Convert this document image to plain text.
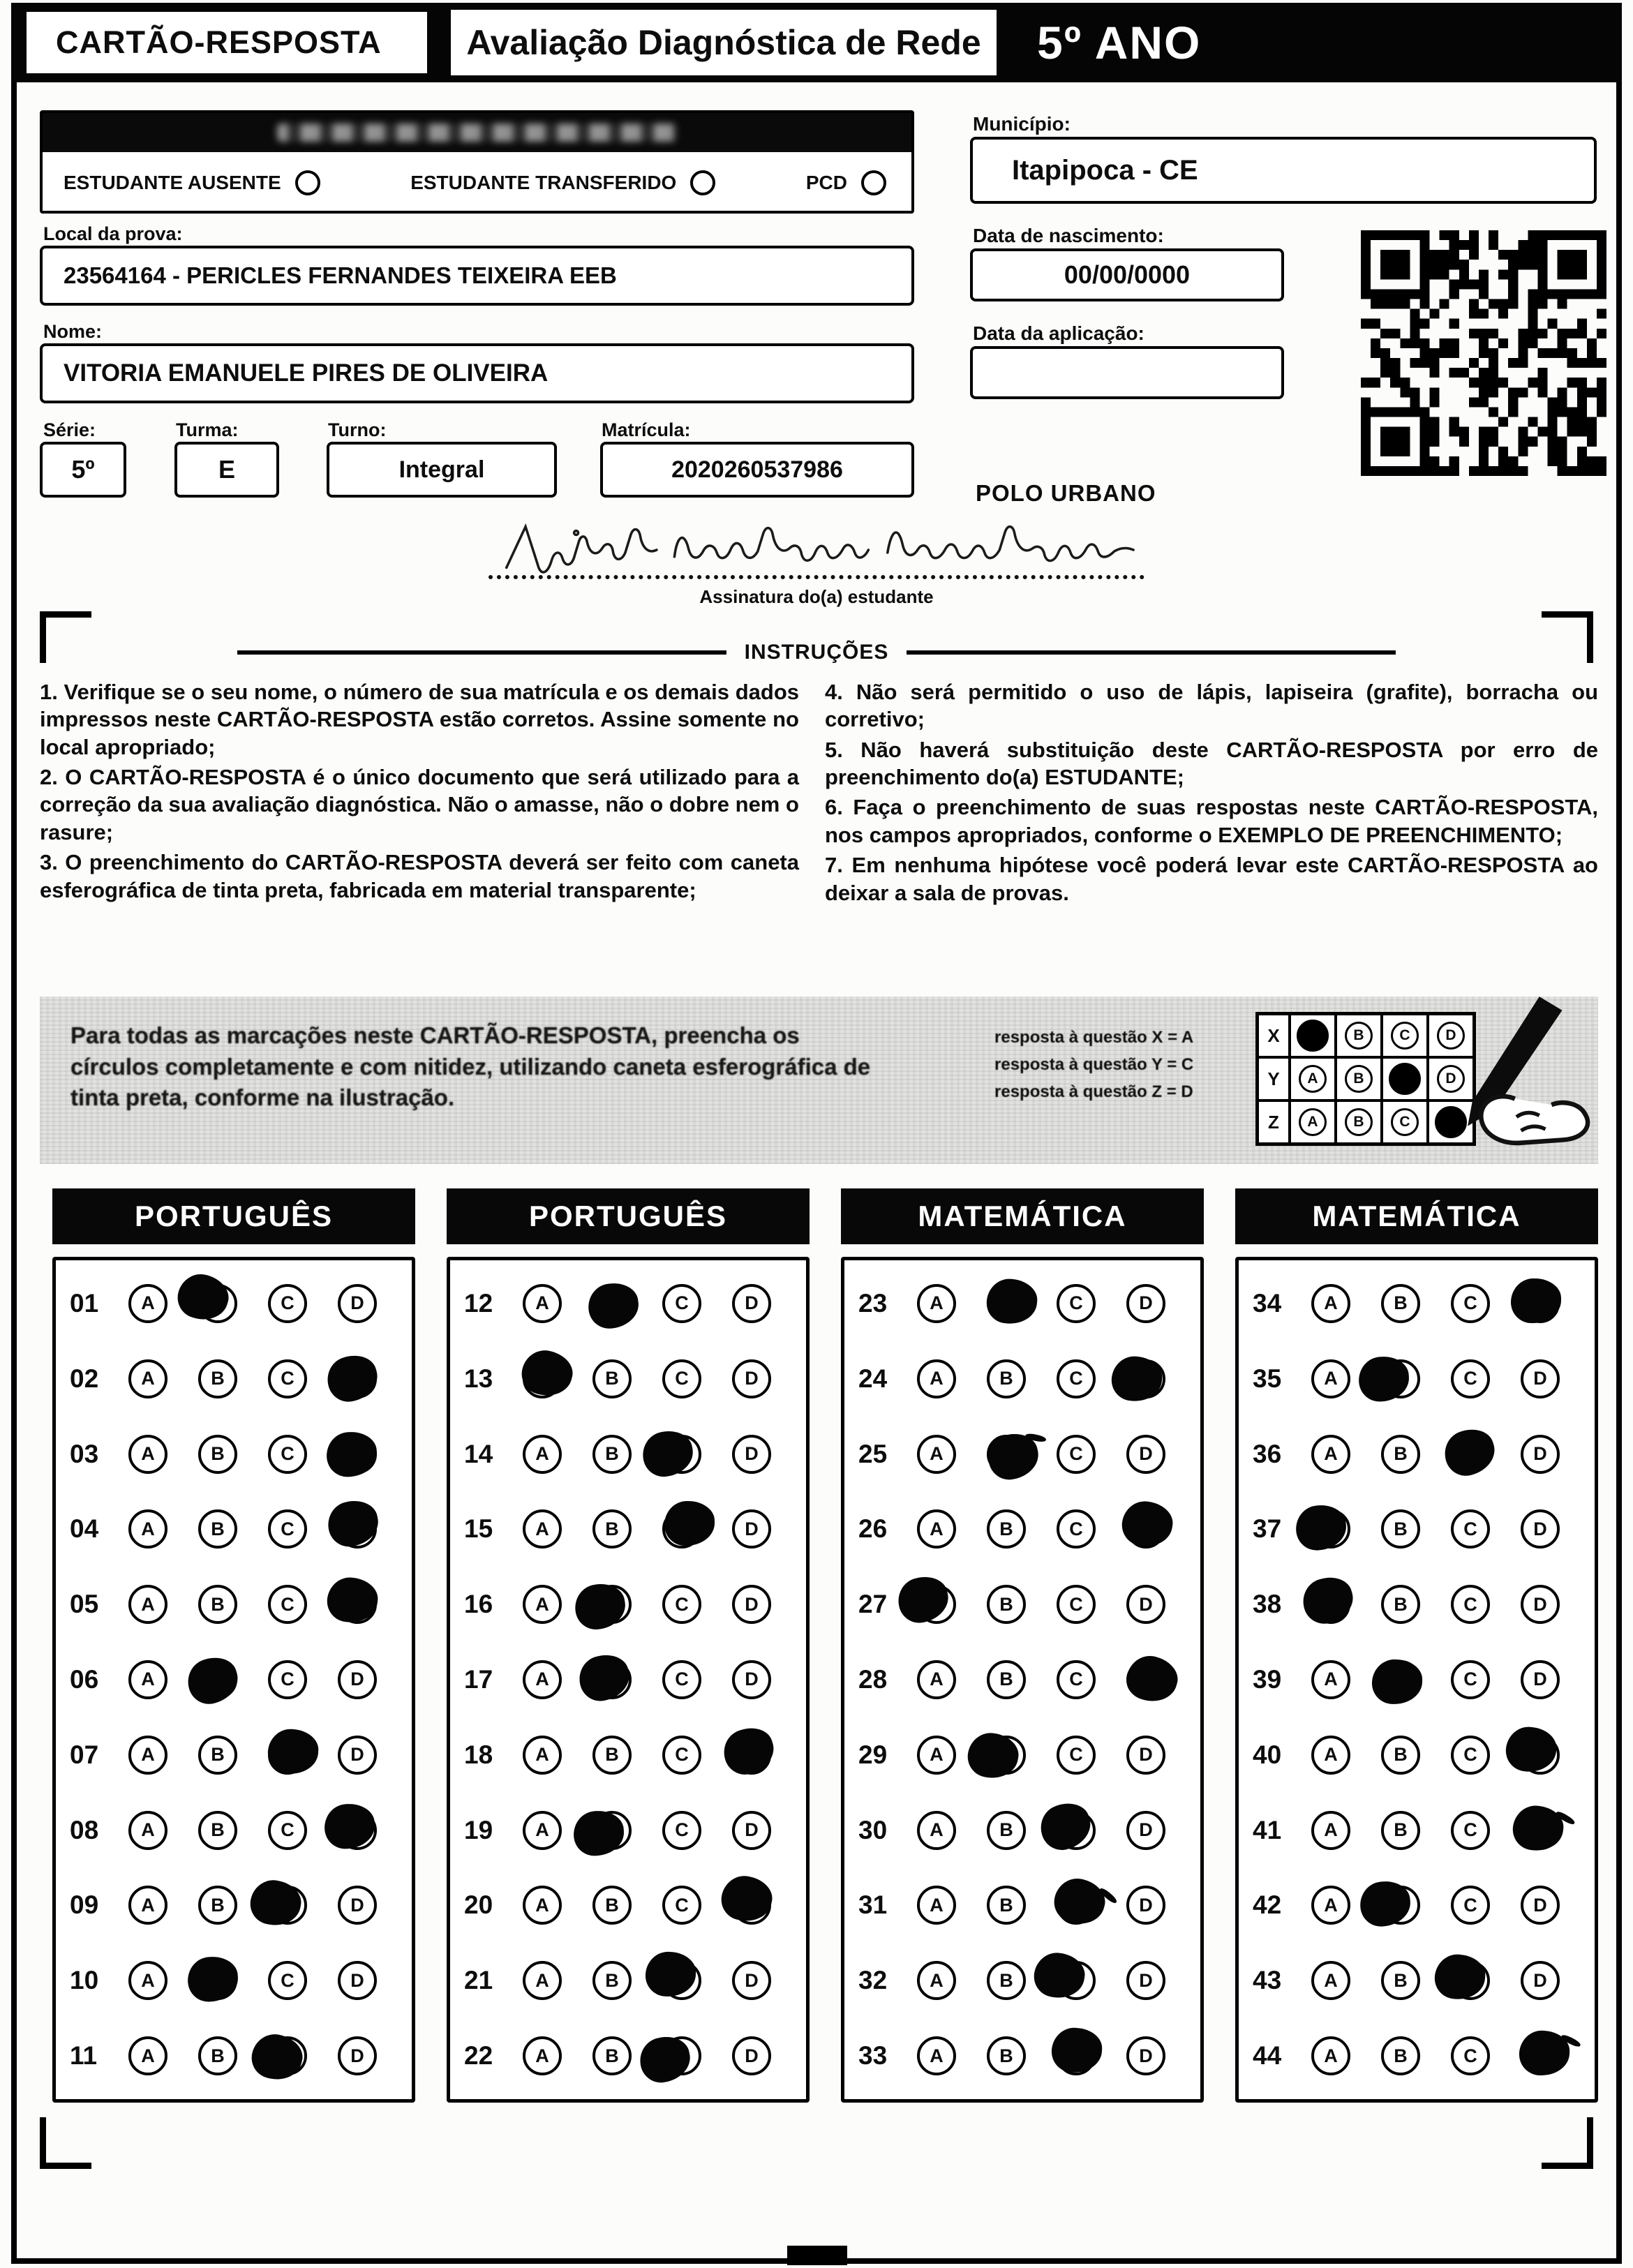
CARTÃO-RESPOSTA Avaliação Diagnóstica de Rede 5º ANO
ESTUDANTE AUSENTE	ESTUDANTE TRANSFERIDO	PCD
Local da prova:
23564164 - PERICLES FERNANDES TEIXEIRA EEB
Nome:
VITORIA EMANUELE PIRES DE OLIVEIRA
Série:	Turma:	Turno:	Matrícula:
5º	E	Integral	2020260537986
Município:
Itapipoca - CE
Data de nascimento:
00/00/0000
Data da aplicação:
POLO URBANO
Assinatura do(a) estudante
INSTRUÇÕES

1. Verifique se o seu nome, o número de sua matrícula e os demais dados impressos neste CARTÃO-RESPOSTA estão corretos. Assine somente no local apropriado;

2. O CARTÃO-RESPOSTA é o único documento que será utilizado para a correção da sua avaliação diagnóstica. Não o amasse, não o dobre nem o rasure;

3. O preenchimento do CARTÃO-RESPOSTA deverá ser feito com caneta esferográfica de tinta preta, fabricada em material transparente;

4. Não será permitido o uso de lápis, lapiseira (grafite), borracha ou corretivo;

5. Não haverá substituição deste CARTÃO-RESPOSTA por erro de preenchimento do(a) ESTUDANTE;

6. Faça o preenchimento de suas respostas neste CARTÃO-RESPOSTA, nos campos apropriados, conforme o EXEMPLO DE PREENCHIMENTO;

7. Em nenhuma hipótese você poderá levar este CARTÃO-RESPOSTA ao deixar a sala de provas.

Para todas as marcações neste CARTÃO-RESPOSTA, preencha os círculos completamente e com nitidez, utilizando caneta esferográfica de tinta preta, conforme na ilustração.
resposta à questão X = A
resposta à questão Y = C
resposta à questão Z = D
X	B	C	D
Y	A	B	D
Z	A	B	C
PORTUGUÊS
01	A	C	D
02	A	B	C
03	A	B	C
04	A	B	C
05	A	B	C
06	A	C	D
07	A	B	D
08	A	B	C
09	A	B	D
10	A	C	D
11	A	B	D
PORTUGUÊS
12	A	C	D
13	B	C	D
14	A	B	D
15	A	B	D
16	A	C	D
17	A	C	D
18	A	B	C
19	A	C	D
20	A	B	C
21	A	B	D
22	A	B	D
MATEMÁTICA
23	A	C	D
24	A	B	C
25	A	C	D
26	A	B	C
27	B	C	D
28	A	B	C
29	A	C	D
30	A	B	D
31	A	B	D
32	A	B	D
33	A	B	D
MATEMÁTICA
34	A	B	C
35	A	C	D
36	A	B	D
37	B	C	D
38	B	C	D
39	A	C	D
40	A	B	C
41	A	B	C
42	A	C	D
43	A	B	D
44	A	B	C
